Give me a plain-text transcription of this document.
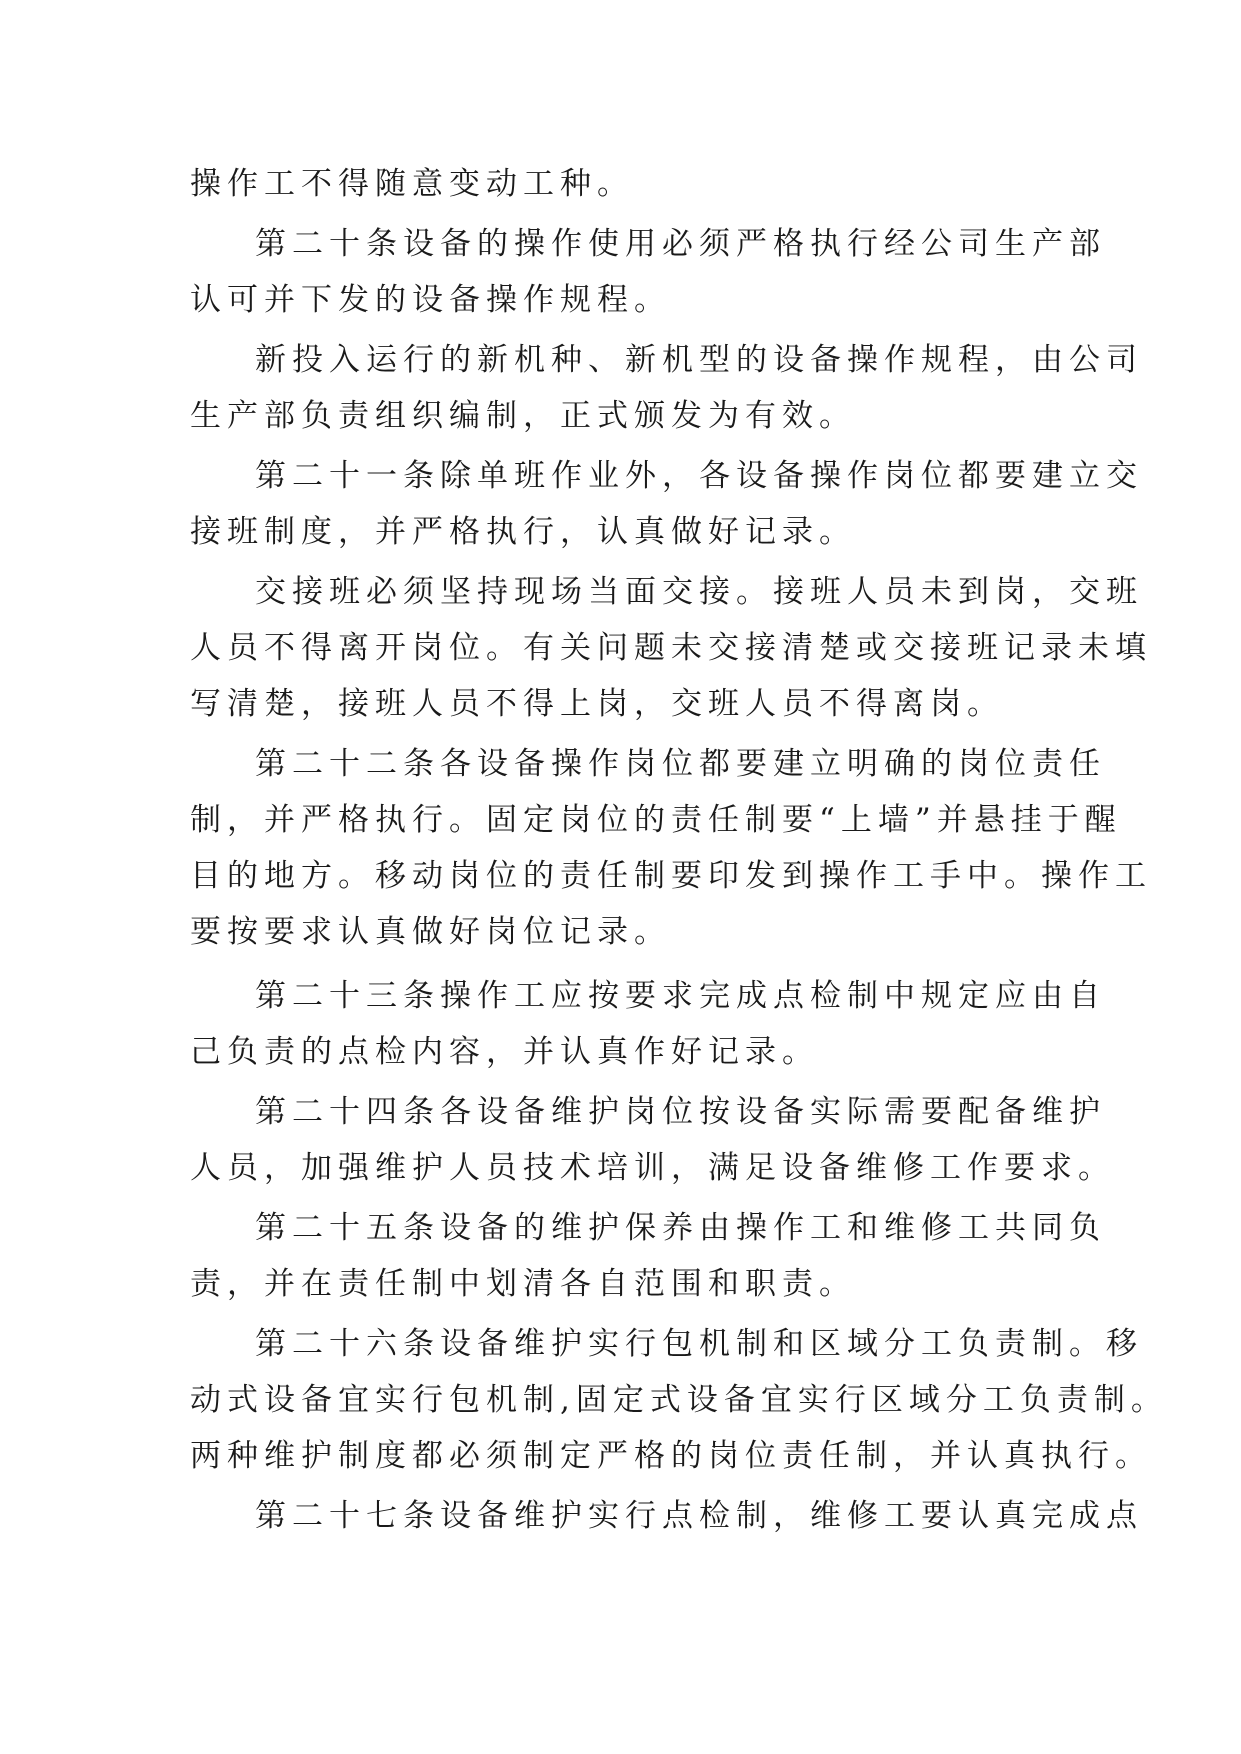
操作工不得随意变动工种。
第二十条设备的操作使用必须严格执行经公司生产部
认可并下发的设备操作规程。
新投入运行的新机种、新机型的设备操作规程，由公司
生产部负责组织编制，正式颁发为有效。
第二十一条除单班作业外，各设备操作岗位都要建立交
接班制度，并严格执行，认真做好记录。
交接班必须坚持现场当面交接。接班人员未到岗，交班
人员不得离开岗位。有关问题未交接清楚或交接班记录未填
写清楚，接班人员不得上岗，交班人员不得离岗。
第二十二条各设备操作岗位都要建立明确的岗位责任
制，并严格执行。固定岗位的责任制要“上墙”并悬挂于醒
目的地方。移动岗位的责任制要印发到操作工手中。操作工
要按要求认真做好岗位记录。
第二十三条操作工应按要求完成点检制中规定应由自
己负责的点检内容，并认真作好记录。
第二十四条各设备维护岗位按设备实际需要配备维护
人员，加强维护人员技术培训，满足设备维修工作要求。
第二十五条设备的维护保养由操作工和维修工共同负
责，并在责任制中划清各自范围和职责。
第二十六条设备维护实行包机制和区域分工负责制。移
动式设备宜实行包机制,固定式设备宜实行区域分工负责制。
两种维护制度都必须制定严格的岗位责任制，并认真执行。
第二十七条设备维护实行点检制，维修工要认真完成点
